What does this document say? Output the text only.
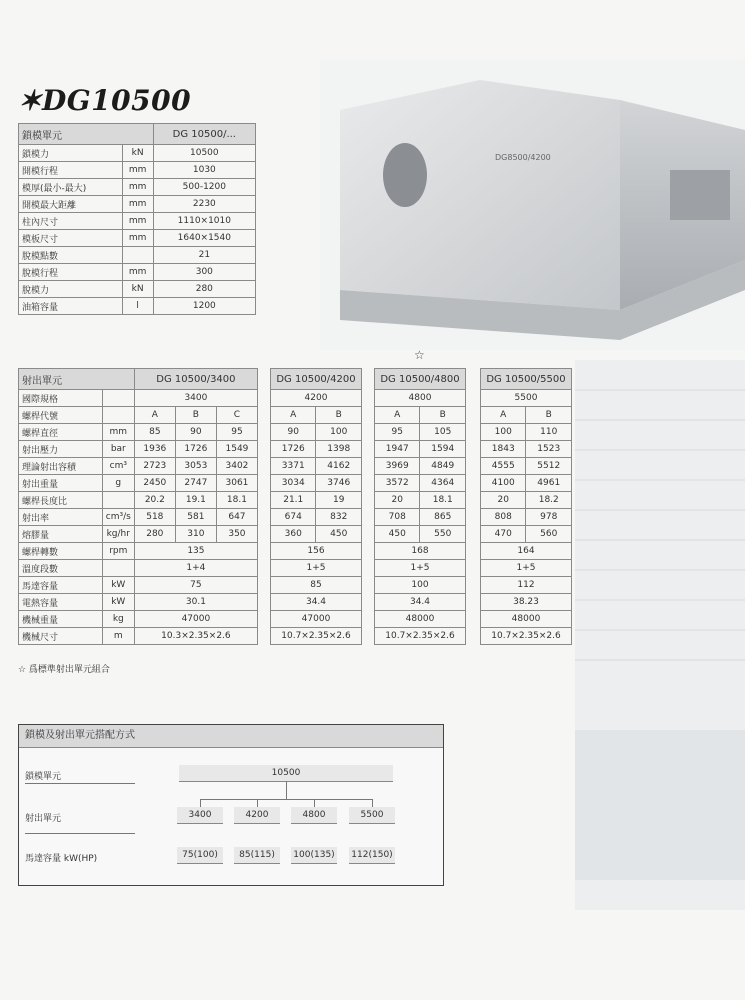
DG8500/4200
✶DG10500
鎖模單元		DG 10500/...
鎖模力	kN	10500
開模行程	mm	1030
模厚(最小-最大)	mm	500-1200
開模最大距離	mm	2230
柱內尺寸	mm	1110×1010
模板尺寸	mm	1640×1540
脫模點數		21
脫模行程	mm	300
脫模力	kN	280
油箱容量	l	1200
☆
射出單元		DG 10500/3400		
國際規格		3400		
螺桿代號		A	B	C
螺桿直徑	mm	85	90	95
射出壓力	bar	1936	1726	1549
理論射出容積	cm³	2723	3053	3402
射出重量	g	2450	2747	3061
螺桿長度比		20.2	19.1	18.1
射出率	cm³/s	518	581	647
熔膠量	kg/hr	280	310	350
螺桿轉數	rpm	135		
溫度段數		1+4		
馬達容量	kW	75		
電熱容量	kW	30.1		
機械重量	kg	47000		
機械尺寸	m	10.3×2.35×2.6		
DG 10500/4200	
4200	
A	B
90	100
1726	1398
3371	4162
3034	3746
21.1	19
674	832
360	450
156	
1+5	
85	
34.4	
47000	
10.7×2.35×2.6	
DG 10500/4800	
4800	
A	B
95	105
1947	1594
3969	4849
3572	4364
20	18.1
708	865
450	550
168	
1+5	
100	
34.4	
48000	
10.7×2.35×2.6	
DG 10500/5500	
5500	
A	B
100	110
1843	1523
4555	5512
4100	4961
20	18.2
808	978
470	560
164	
1+5	
112	
38.23	
48000	
10.7×2.35×2.6	
☆ 爲標準射出單元組合
鎖模及射出單元搭配方式
鎖模單元	10500
射出單元	3400	4200	4800	5500
馬達容量 kW(HP)	75(100)	85(115)	100(135) 112(150)
